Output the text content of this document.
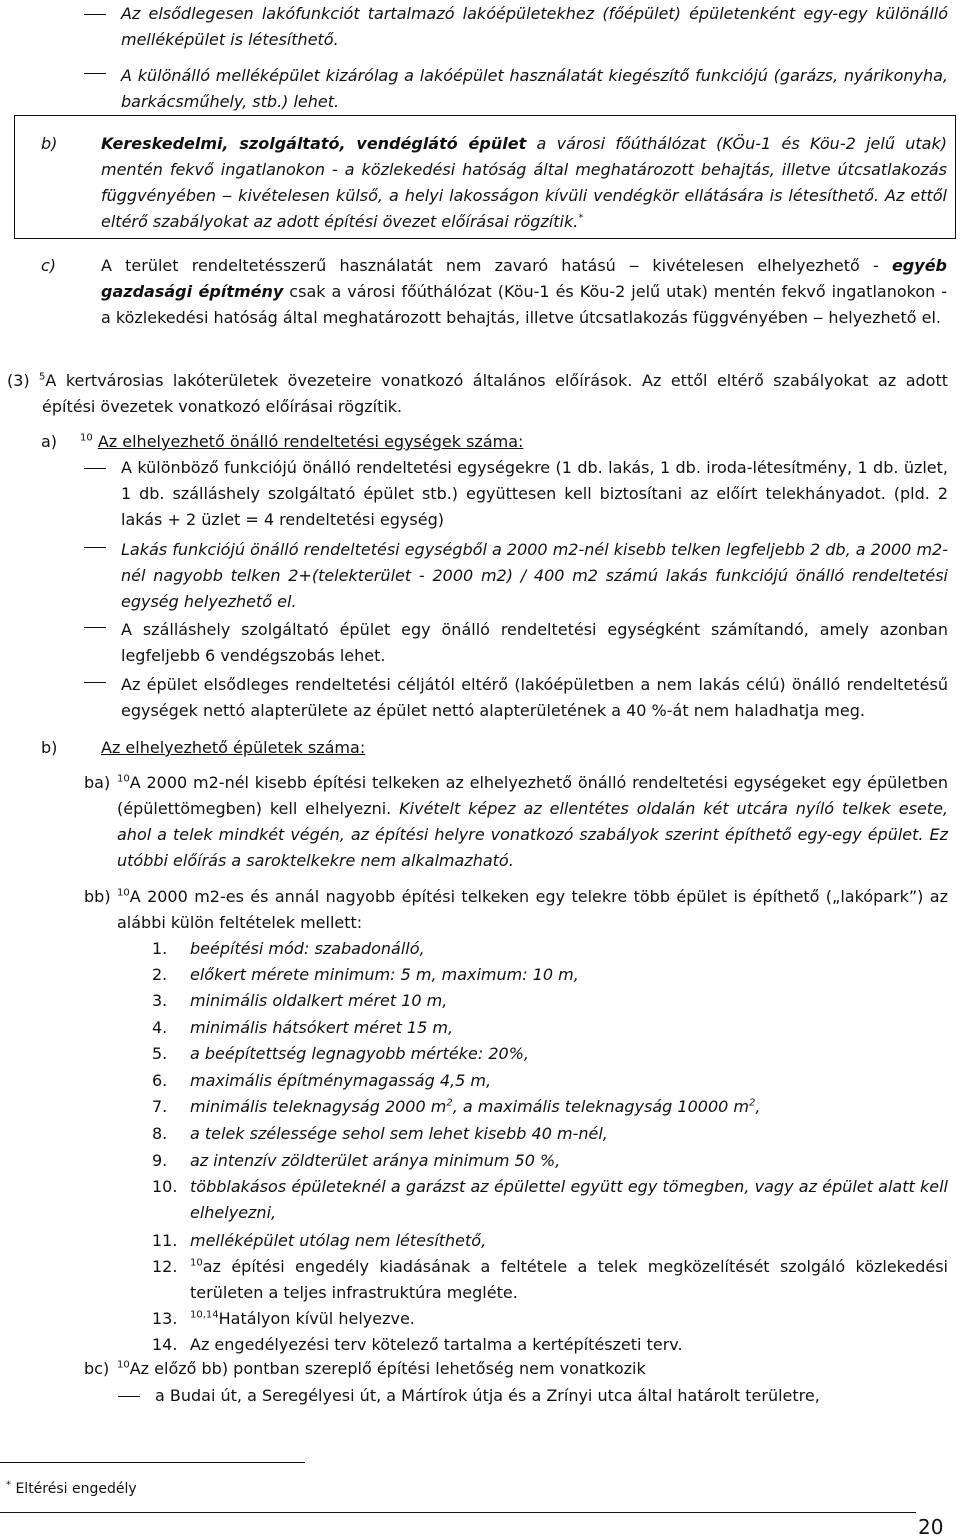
Az elsődlegesen lakófunkciót tartalmazó lakóépületekhez (főépület) épületenként egy-egy különálló melléképület is létesíthető.
A különálló melléképület kizárólag a lakóépület használatát kiegészítő funkciójú (garázs, nyárikonyha, barkácsműhely, stb.) lehet.
b)	Kereskedelmi, szolgáltató, vendéglátó épület a városi főúthálózat (KÖu-1 és Köu-2 jelű utak) mentén fekvő ingatlanokon - a közlekedési hatóság által meghatározott behajtás, illetve útcsatlakozás függvényében ‒ kivételesen külső, a helyi lakosságon kívüli vendégkör ellátására is létesíthető. Az ettől eltérő szabályokat az adott építési övezet előírásai rögzítik.*
c)	A terület rendeltetésszerű használatát nem zavaró hatású ‒ kivételesen elhelyezhető - egyéb gazdasági építmény csak a városi főúthálózat (Köu-1 és Köu-2 jelű utak) mentén fekvő ingatlanokon - a közlekedési hatóság által meghatározott behajtás, illetve útcsatlakozás függvényében ‒ helyezhető el.
(3) $^5$A kertvárosias lakóterületek övezeteire vonatkozó általános előírások. Az ettől eltérő szabályokat az adott építési övezetek vonatkozó előírásai rögzítik.
a) $^{10}$ Az elhelyezhető önálló rendeltetési egységek száma:
A különböző funkciójú önálló rendeltetési egységekre (1 db. lakás, 1 db. iroda-létesítmény, 1 db. üzlet, 1 db. szálláshely szolgáltató épület stb.) együttesen kell biztosítani az előírt telekhányadot. (pld. 2 lakás + 2 üzlet = 4 rendeltetési egység)
Lakás funkciójú önálló rendeltetési egységből a 2000 m2-nél kisebb telken legfeljebb 2 db, a 2000 m2-nél nagyobb telken 2+(telekterület - 2000 m2) / 400 m2 számú lakás funkciójú önálló rendeltetési egység helyezhető el.
A szálláshely szolgáltató épület egy önálló rendeltetési egységként számítandó, amely azonban legfeljebb 6 vendégszobás lehet.
Az épület elsődleges rendeltetési céljától eltérő (lakóépületben a nem lakás célú) önálló rendeltetésű egységek nettó alapterülete az épület nettó alapterületének a 40 %-át nem haladhatja meg.
b)	Az elhelyezhető épületek száma:
ba) $^{10}$A 2000 m2-nél kisebb építési telkeken az elhelyezhető önálló rendeltetési egységeket egy épületben (épülettömegben) kell elhelyezni. Kivételt képez az ellentétes oldalán két utcára nyíló telkek esete, ahol a telek mindkét végén, az építési helyre vonatkozó szabályok szerint építhető egy-egy épület. Ez utóbbi előírás a saroktelkekre nem alkalmazható.
bb) $^{10}$A 2000 m2-es és annál nagyobb építési telkeken egy telekre több épület is építhető („lakópark”) az alábbi külön feltételek mellett:
1.	beépítési mód: szabadonálló,
2.	előkert mérete minimum: 5 m, maximum: 10 m,
3.	minimális oldalkert méret 10 m,
4.	minimális hátsókert méret 15 m,
5.	a beépítettség legnagyobb mértéke: 20%,
6.	maximális építménymagasság 4,5 m,
7.	minimális teleknagyság 2000 $m^2$, a maximális teleknagyság 10000 $m^2$,
8.	a telek szélessége sehol sem lehet kisebb 40 m-nél,
9.	az intenzív zöldterület aránya minimum 50 %,
10. többlakásos épületeknél a garázst az épülettel együtt egy tömegben, vagy az épület alatt kell elhelyezni,
11. melléképület utólag nem létesíthető,
12. $^{10}$az építési engedély kiadásának a feltétele a telek megközelítését szolgáló közlekedési területen a teljes infrastruktúra megléte.
13. $^{10,14}$Hatályon kívül helyezve.
14. Az engedélyezési terv kötelező tartalma a kertépítészeti terv.
bc) $^{10}$Az előző bb) pontban szereplő építési lehetőség nem vonatkozik
a Budai út, a Seregélyesi út, a Mártírok útja és a Zrínyi utca által határolt területre,
* Eltérési engedély
20
